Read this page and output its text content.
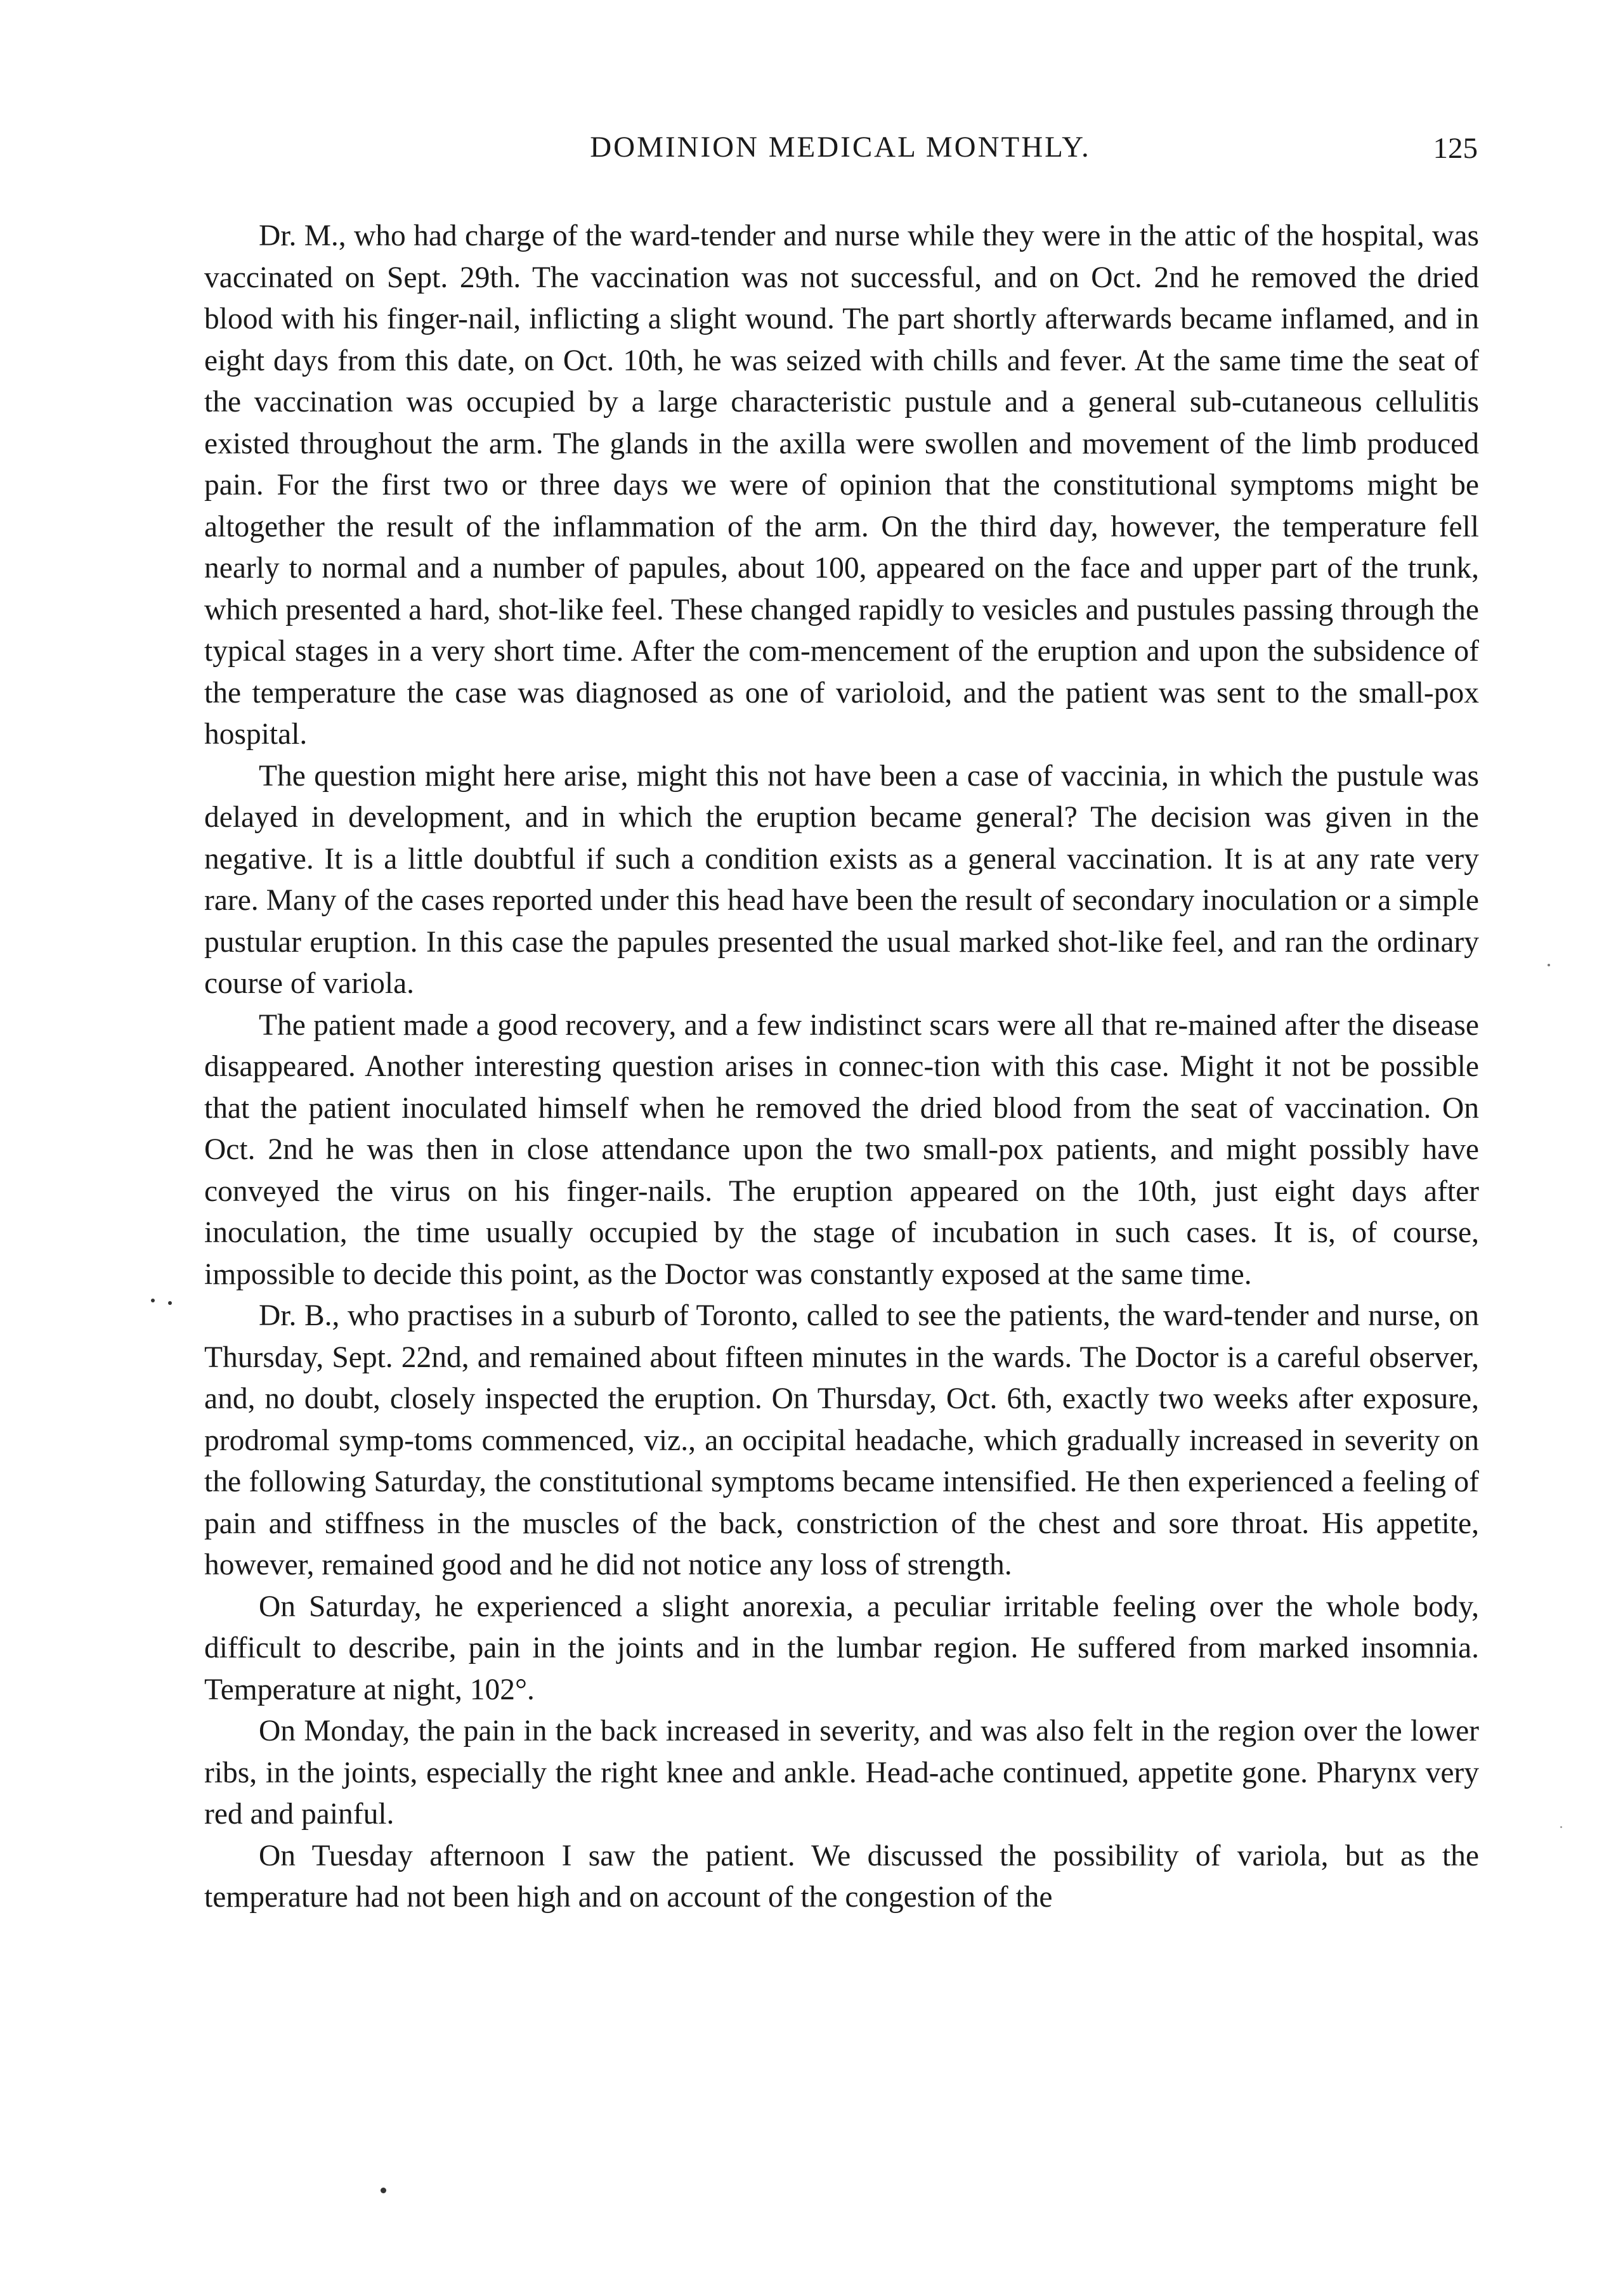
DOMINION MEDICAL MONTHLY.	125

Dr. M., who had charge of the ward-tender and nurse while they were in the attic of the hospital, was vaccinated on Sept. 29th. The vaccination was not successful, and on Oct. 2nd he removed the dried blood with his finger-nail, inflicting a slight wound. The part shortly afterwards became inflamed, and in eight days from this date, on Oct. 10th, he was seized with chills and fever. At the same time the seat of the vaccination was occupied by a large characteristic pustule and a general sub-cutaneous cellulitis existed throughout the arm. The glands in the axilla were swollen and movement of the limb produced pain. For the first two or three days we were of opinion that the constitutional symptoms might be altogether the result of the inflammation of the arm. On the third day, however, the temperature fell nearly to normal and a number of papules, about 100, appeared on the face and upper part of the trunk, which presented a hard, shot-like feel. These changed rapidly to vesicles and pustules passing through the typical stages in a very short time. After the com-mencement of the eruption and upon the subsidence of the temperature the case was diagnosed as one of varioloid, and the patient was sent to the small-pox hospital.

The question might here arise, might this not have been a case of vaccinia, in which the pustule was delayed in development, and in which the eruption became general? The decision was given in the negative. It is a little doubtful if such a condition exists as a general vaccination. It is at any rate very rare. Many of the cases reported under this head have been the result of secondary inoculation or a simple pustular eruption. In this case the papules presented the usual marked shot-like feel, and ran the ordinary course of variola.

The patient made a good recovery, and a few indistinct scars were all that re-mained after the disease disappeared. Another interesting question arises in connec-tion with this case. Might it not be possible that the patient inoculated himself when he removed the dried blood from the seat of vaccination. On Oct. 2nd he was then in close attendance upon the two small-pox patients, and might possibly have conveyed the virus on his finger-nails. The eruption appeared on the 10th, just eight days after inoculation, the time usually occupied by the stage of incubation in such cases. It is, of course, impossible to decide this point, as the Doctor was constantly exposed at the same time.

Dr. B., who practises in a suburb of Toronto, called to see the patients, the ward-tender and nurse, on Thursday, Sept. 22nd, and remained about fifteen minutes in the wards. The Doctor is a careful observer, and, no doubt, closely inspected the eruption. On Thursday, Oct. 6th, exactly two weeks after exposure, prodromal symp-toms commenced, viz., an occipital headache, which gradually increased in severity on the following Saturday, the constitutional symptoms became intensified. He then experienced a feeling of pain and stiffness in the muscles of the back, constriction of the chest and sore throat. His appetite, however, remained good and he did not notice any loss of strength.

On Saturday, he experienced a slight anorexia, a peculiar irritable feeling over the whole body, difficult to describe, pain in the joints and in the lumbar region. He suffered from marked insomnia. Temperature at night, 102°.

On Monday, the pain in the back increased in severity, and was also felt in the region over the lower ribs, in the joints, especially the right knee and ankle. Head-ache continued, appetite gone. Pharynx very red and painful.

On Tuesday afternoon I saw the patient. We discussed the possibility of variola, but as the temperature had not been high and on account of the congestion of the
